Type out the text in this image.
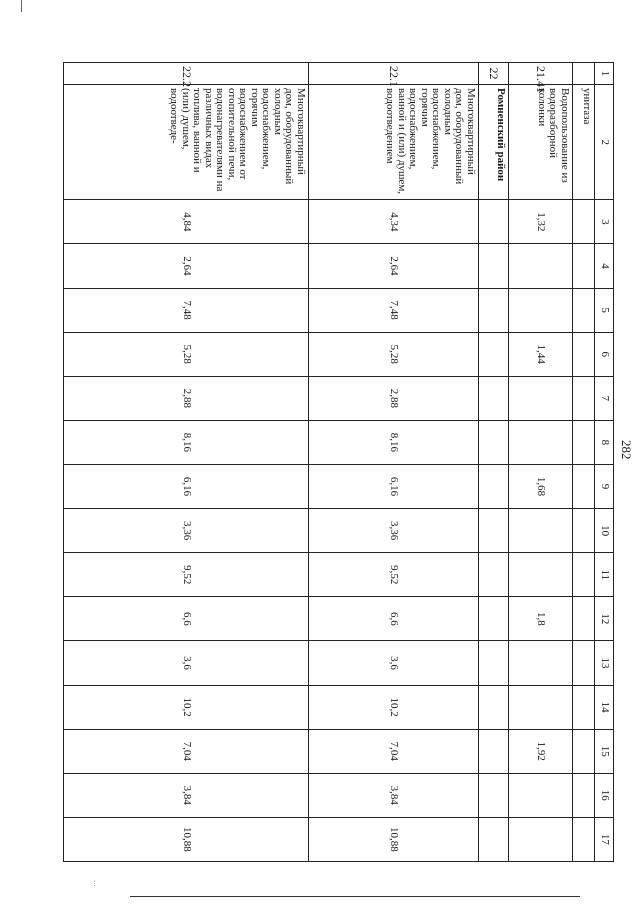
282
1	2	3	4	5	6	7	8	9	10	11	12	13	14	15	16	17
	унитаза															
21.41	Водопользование из водоразборной колонки	1,32			1,44			1,68			1,8			1,92		
22	Ромненский район															
22.1	Многоквартирный дом, оборудованный холодным водоснабжением, горячим водоснабжением, ванной и (или) душем, водоотведением	4,34	2,64	7,48	5,28	2,88	8,16	6,16	3,36	9,52	6,6	3,6	10,2	7,04	3,84	10,88
22.2	Многоквартирный дом, оборудованный холодным водоснабжением, горячим водоснабжением от отопительной печи, водонагревателями на различных видах топлива, ванной и (или) душем, водоотведе-	4,84	2,64	7,48	5,28	2,88	8,16	6,16	3,36	9,52	6,6	3,6	10,2	7,04	3,84	10,88
...
